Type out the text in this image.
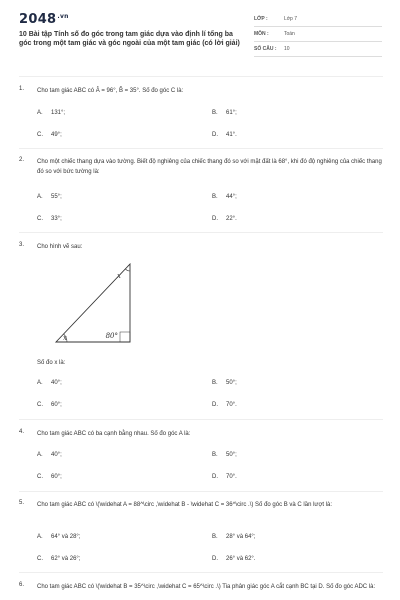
$2048^{.vn}$
10 Bài tập Tính số đo góc trong tam giác dựa vào định lí tổng ba góc trong một tam giác và góc ngoài của một tam giác (có lời giải)
LỚP :	Lớp 7
MÔN :	Toán
SỐ CÂU : 10
1. Cho tam giác ABC có Â = 96°, B̂ = 35°. Số đo góc C là:
A. 131°;	B. 61°;
C. 49°;	D. 41°.
2. Cho một chiếc thang dựa vào tường. Biết độ nghiêng của chiếc thang đó so với mặt đất là 68°, khi đó độ nghiêng của chiếc thang đó so với bức tường là:
A. 55°;	B. 44°;
C. 33°;	D. 22°.
3. Cho hình vẽ sau:
x
x	80°
Số đo x là:
A. 40°;	B. 50°;
C. 60°;	D. 70°.
4. Cho tam giác ABC có ba cạnh bằng nhau. Số đo góc A là:
A. 40°;	B. 50°;
C. 60°;	D. 70°.
5. Cho tam giác ABC có \(\widehat A = 88^\circ ,\widehat B - \widehat C = 36^\circ .\) Số đo góc B và C lần lượt là:
A. 64° và 28°;	B. 28° và 64°;
C. 62° và 26°;	D. 26° và 62°.
6. Cho tam giác ABC có \(\widehat B = 35^\circ ,\widehat C = 65^\circ .\) Tia phân giác góc A cắt cạnh BC tại D. Số đo góc ADC là:
